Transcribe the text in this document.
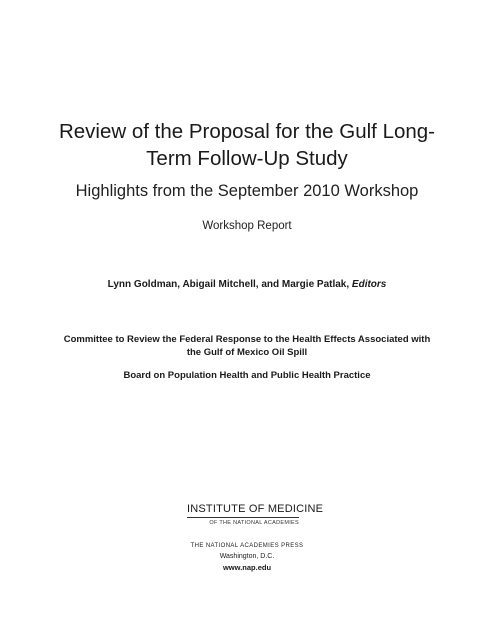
Review of the Proposal for the Gulf Long-
Term Follow-Up Study
Highlights from the September 2010 Workshop
Workshop Report
Lynn Goldman, Abigail Mitchell, and Margie Patlak, Editors
Committee to Review the Federal Response to the Health Effects Associated with
the Gulf of Mexico Oil Spill
Board on Population Health and Public Health Practice
INSTITUTE OF MEDICINE
OF THE NATIONAL ACADEMIES
THE NATIONAL ACADEMIES PRESS
Washington, D.C.
www.nap.edu
